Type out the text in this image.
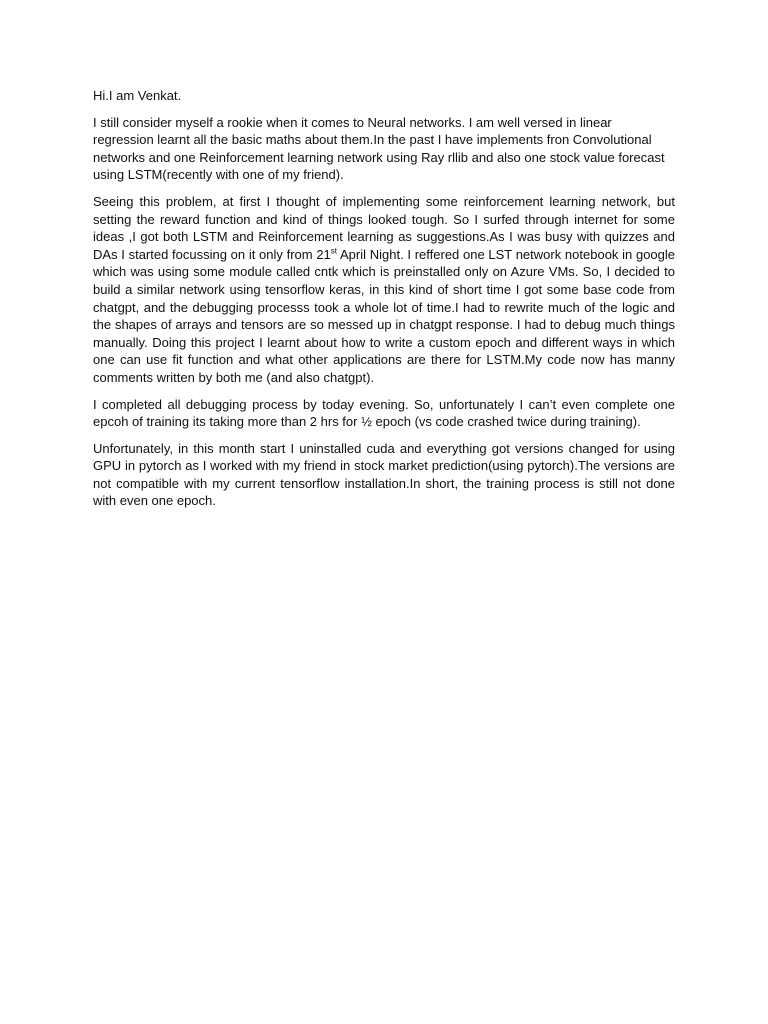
Hi.I am Venkat.

I still consider myself a rookie when it comes to Neural networks. I am well versed in linear regression learnt all the basic maths about them.In the past I have implements fron Convolutional networks and one Reinforcement learning network using Ray rllib and also one stock value forecast using LSTM(recently with one of my friend).

Seeing this problem, at first I thought of implementing some reinforcement learning network, but setting the reward function and kind of things looked tough. So I surfed through internet for some ideas ,I got both LSTM and Reinforcement learning as suggestions.As I was busy with quizzes and DAs I started focussing on it only from 21st April Night. I reffered one LST network notebook in google which was using some module called cntk which is preinstalled only on Azure VMs. So, I decided to build a similar network using tensorflow keras, in this kind of short time I got some base code from chatgpt, and the debugging processs took a whole lot of time.I had to rewrite much of the logic and the shapes of arrays and tensors are so messed up in chatgpt response. I had to debug much things manually. Doing this project I learnt about how to write a custom epoch and different ways in which one can use fit function and what other applications are there for LSTM.My code now has manny comments written by both me (and also chatgpt).

I completed all debugging process by today evening. So, unfortunately I can’t even complete one epcoh of training its taking more than 2 hrs for ½ epoch (vs code crashed twice during training).

Unfortunately, in this month start I uninstalled cuda and everything got versions changed for using GPU in pytorch as I worked with my friend in stock market prediction(using pytorch).The versions are not compatible with my current tensorflow installation.In short, the training process is still not done with even one epoch.
